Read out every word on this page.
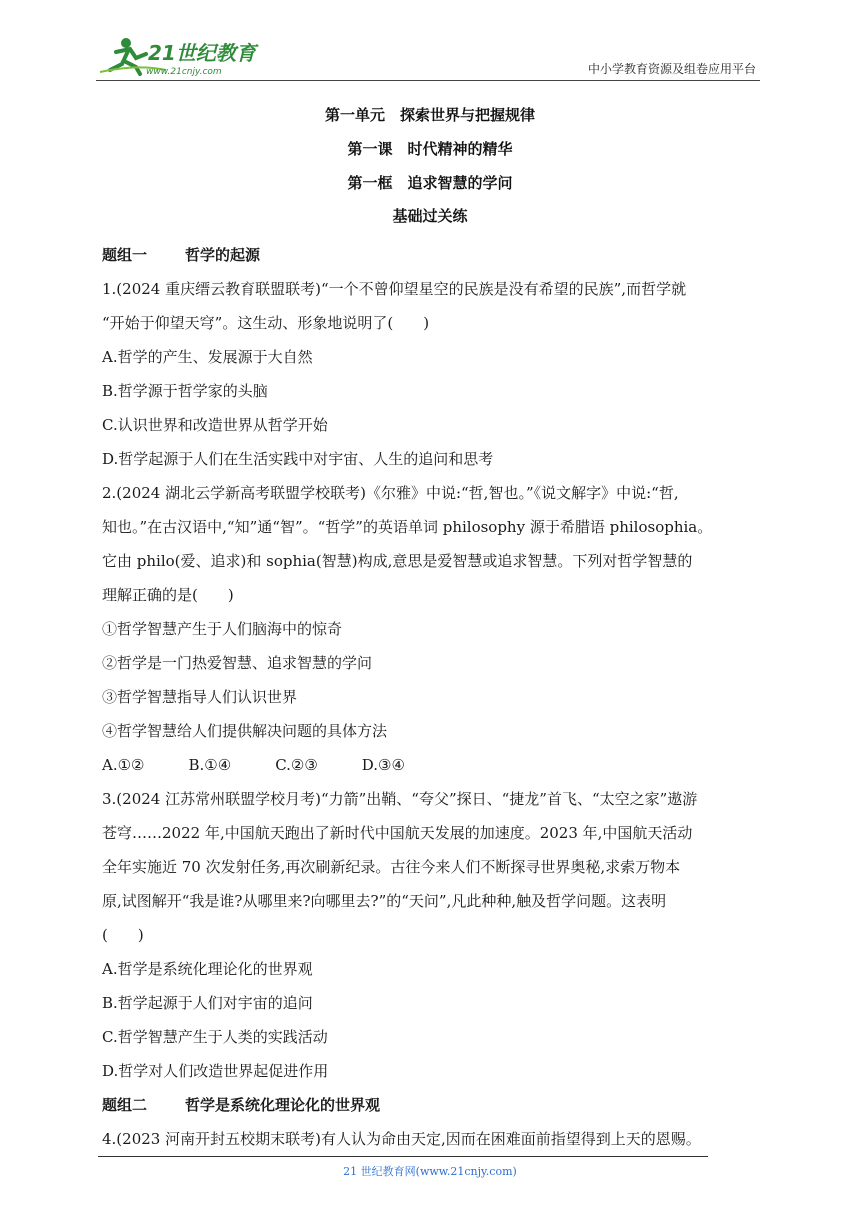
21世纪教育
www.21cnjy.com	中小学教育资源及组卷应用平台
第一单元　探索世界与把握规律
第一课　时代精神的精华
第一框　追求智慧的学问
基础过关练

题组一	哲学的起源

1.(2024 重庆缙云教育联盟联考)“一个不曾仰望星空的民族是没有希望的民族”,而哲学就

“开始于仰望天穹”。这生动、形象地说明了(　　)

A.哲学的产生、发展源于大自然

B.哲学源于哲学家的头脑

C.认识世界和改造世界从哲学开始

D.哲学起源于人们在生活实践中对宇宙、人生的追问和思考

2.(2024 湖北云学新高考联盟学校联考)《尔雅》中说:“哲,智也。”《说文解字》中说:“哲,

知也。”在古汉语中,“知”通“智”。“哲学”的英语单词 philosophy 源于希腊语 philosophia。

它由 philo(爱、追求)和 sophia(智慧)构成,意思是爱智慧或追求智慧。下列对哲学智慧的

理解正确的是(　　)

①哲学智慧产生于人们脑海中的惊奇

②哲学是一门热爱智慧、追求智慧的学问

③哲学智慧指导人们认识世界

④哲学智慧给人们提供解决问题的具体方法

A.①②	B.①④	C.②③	D.③④

3.(2024 江苏常州联盟学校月考)“力箭”出鞘、“夸父”探日、“捷龙”首飞、“太空之家”遨游

苍穹……2022 年,中国航天跑出了新时代中国航天发展的加速度。2023 年,中国航天活动

全年实施近 70 次发射任务,再次刷新纪录。古往今来人们不断探寻世界奥秘,求索万物本

原,试图解开“我是谁?从哪里来?向哪里去?”的“天问”,凡此种种,触及哲学问题。这表明

(　　)

A.哲学是系统化理论化的世界观

B.哲学起源于人们对宇宙的追问

C.哲学智慧产生于人类的实践活动

D.哲学对人们改造世界起促进作用

题组二	哲学是系统化理论化的世界观

4.(2023 河南开封五校期末联考)有人认为命由天定,因而在困难面前指望得到上天的恩赐。

21 世纪教育网(www.21cnjy.com)
